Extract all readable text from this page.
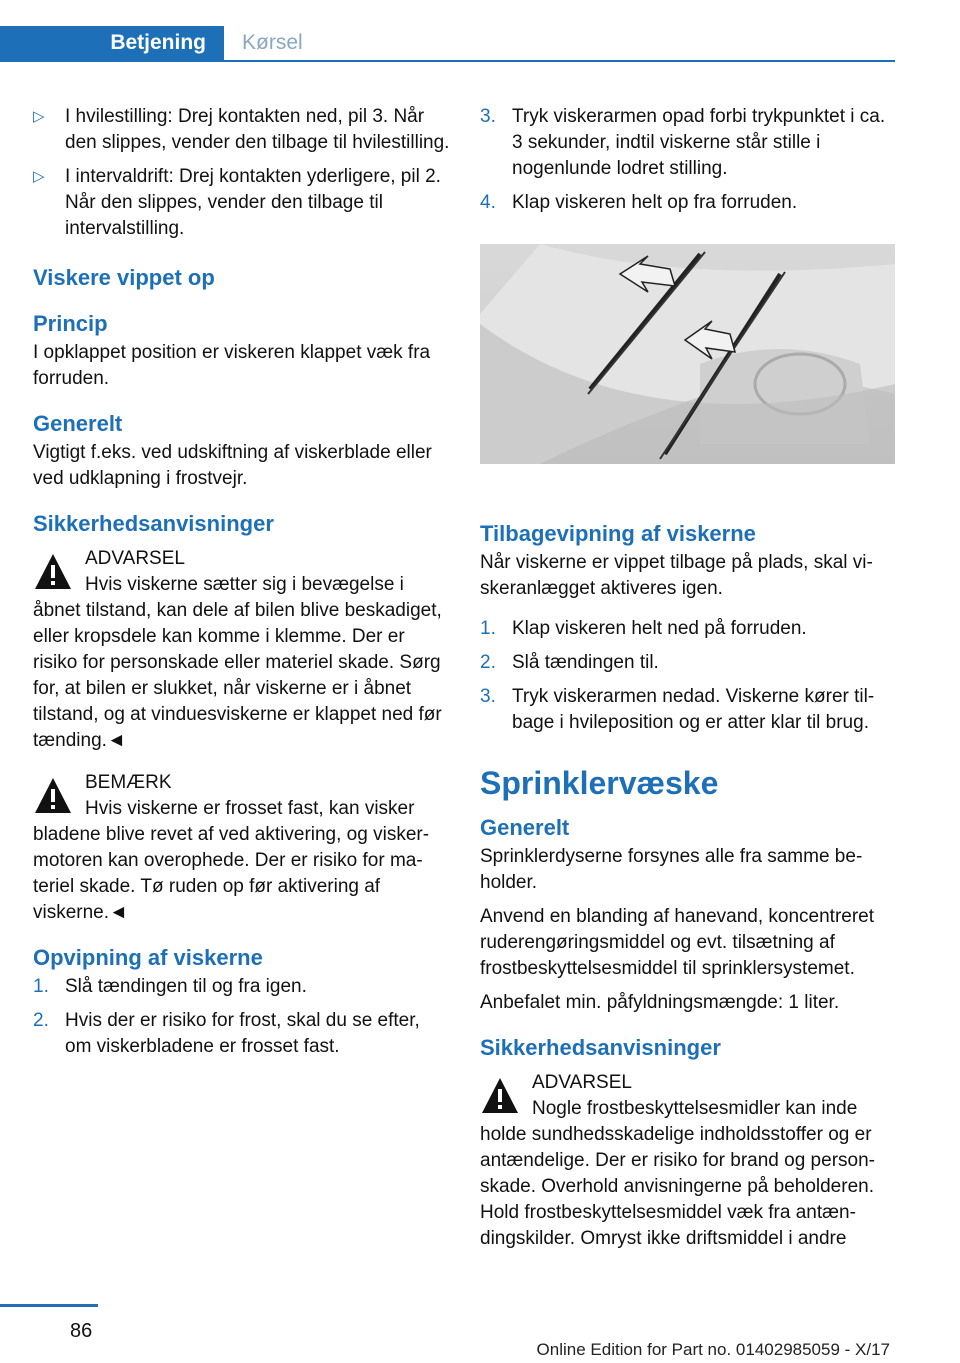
Betjening	Kørsel
▷ I hvilestilling: Drej kontakten ned, pil 3. Når den slippes, vender den tilbage til hvilestilling.
▷ I intervaldrift: Drej kontakten yderligere, pil 2. Når den slippes, vender den tilbage til intervalstilling.
Viskere vippet op
Princip

I opklappet position er viskeren klappet væk fra forruden.

Generelt

Vigtigt f.eks. ved udskiftning af viskerblade eller ved udklapning i frostvejr.

Sikkerhedsanvisninger
ADVARSEL
Hvis viskerne sætter sig i bevægelse i
åbnet tilstand, kan dele af bilen blive beskadiget, eller kropsdele kan komme i klemme. Der er risiko for personskade eller materiel skade. Sørg for, at bilen er slukket, når viskerne er i åbnet tilstand, og at vinduesviskerne er klappet ned før tænding.◄
BEMÆRK
Hvis viskerne er frosset fast, kan visker
bladene blive revet af ved aktivering, og viskermotoren kan overophede. Der er risiko for materiel skade. Tø ruden op før aktivering af viskerne.◄
Opvipning af viskerne
1. Slå tændingen til og fra igen.
2. Hvis der er risiko for frost, skal du se efter, om viskerbladene er frosset fast.
3. Tryk viskerarmen opad forbi trykpunktet i ca. 3 sekunder, indtil viskerne står stille i nogenlunde lodret stilling.
4. Klap viskeren helt op fra forruden.
Tilbagevipning af viskerne

Når viskerne er vippet tilbage på plads, skal viskeranlægget aktiveres igen.

1. Klap viskeren helt ned på forruden.
2. Slå tændingen til.
3. Tryk viskerarmen nedad. Viskerne kører tilbage i hvileposition og er atter klar til brug.
Sprinklervæske
Generelt

Sprinklerdyserne forsynes alle fra samme beholder.

Anvend en blanding af hanevand, koncentreret ruderengøringsmiddel og evt. tilsætning af frostbeskyttelsesmiddel til sprinklersystemet.

Anbefalet min. påfyldningsmængde: 1 liter.

Sikkerhedsanvisninger
ADVARSEL
Nogle frostbeskyttelsesmidler kan inde
holde sundhedsskadelige indholdsstoffer og er antændelige. Der er risiko for brand og personskade. Overhold anvisningerne på beholderen. Hold frostbeskyttelsesmiddel væk fra antændingskilder. Omryst ikke driftsmiddel i andre
86
Online Edition for Part no. 01402985059 - X/17
